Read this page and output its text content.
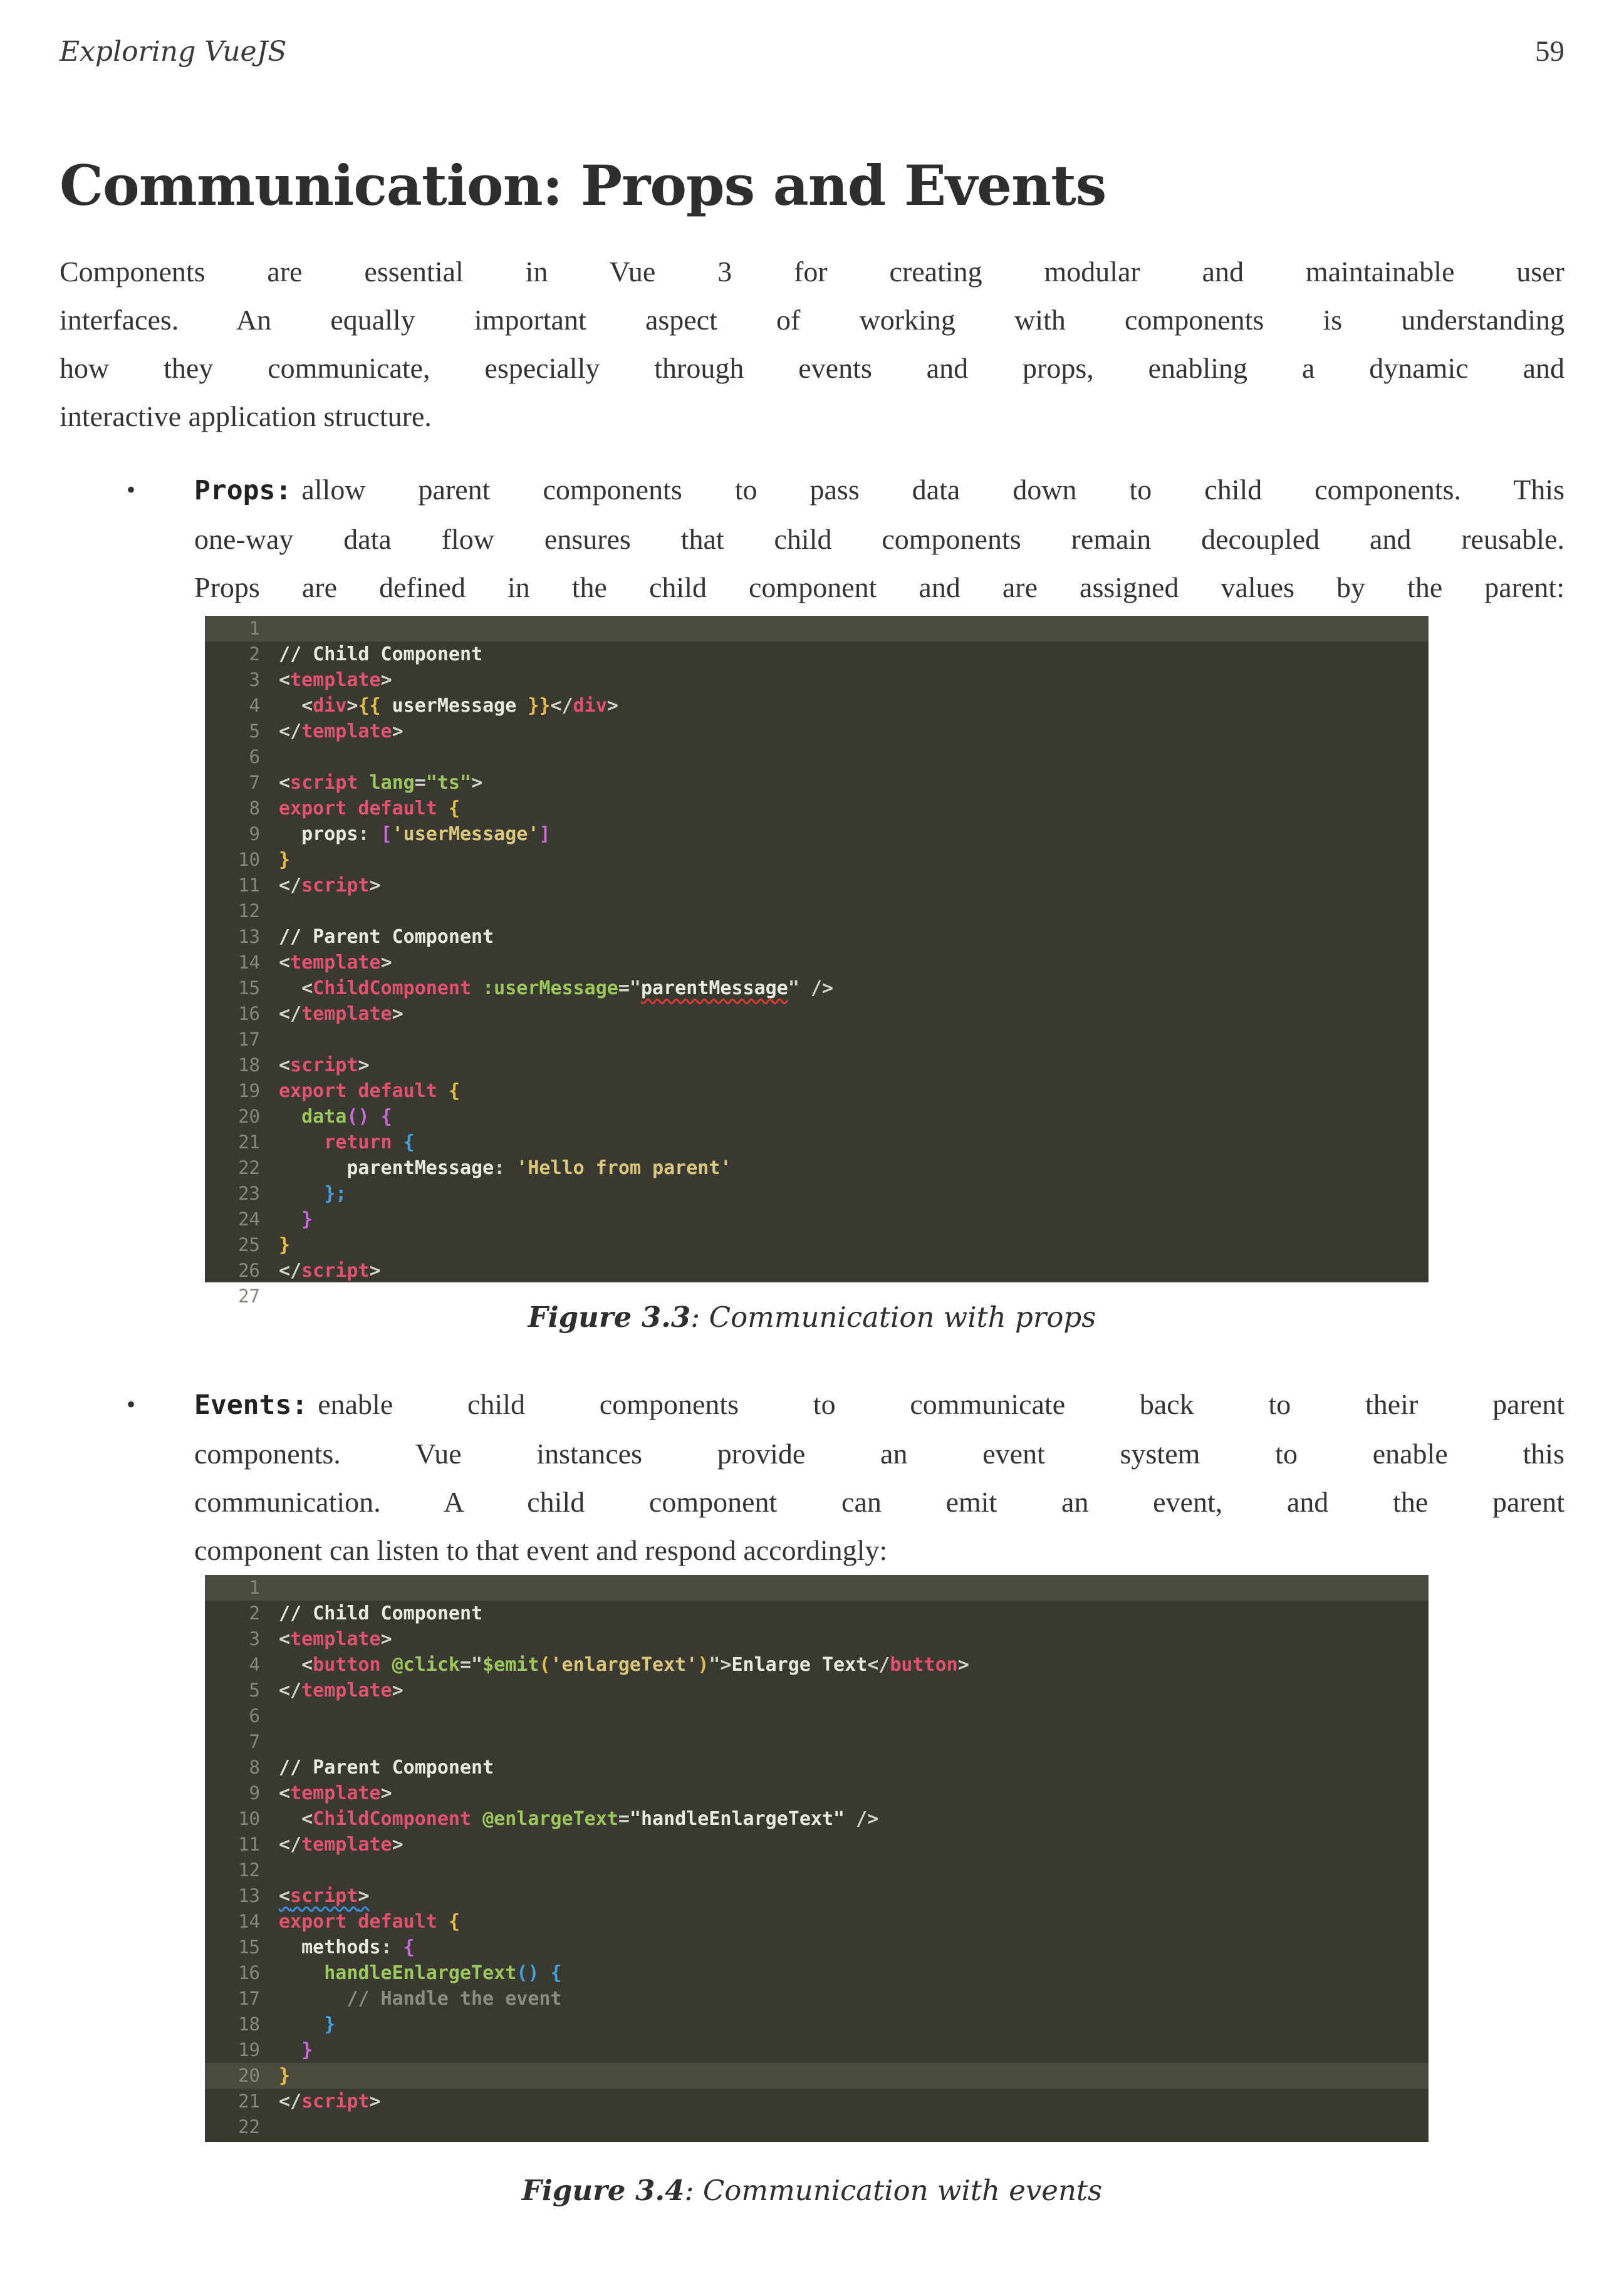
Exploring VueJS	59
Communication: Props and Events
Components are essential in Vue 3 for creating modular and maintainable user
interfaces. An equally important aspect of working with components is understanding
how they communicate, especially through events and props, enabling a dynamic and
interactive application structure.
• Props: allow parent components to pass data down to child components. This
one-way data flow ensures that child components remain decoupled and reusable.
Props are defined in the child component and are assigned values by the parent:
1
2 // Child Component
3 <template>
4	<div>{{ userMessage }}</div>
5 </template>
6
7 <script lang="ts">
8 export default {
9 props: ['userMessage']
10 }
11 </script>
12
13 // Parent Component
14 <template>
15	<ChildComponent :userMessage="parentMessage" />
16 </template>
17
18 <script>
19 export default {
20	data() {
21	return {
22 parentMessage: 'Hello from parent'
23	};
24	}
25 }
26 </script>
27
Figure 3.3: Communication with props
• Events: enable child components to communicate back to their parent
components. Vue instances provide an event system to enable this
communication. A child component can emit an event, and the parent
component can listen to that event and respond accordingly:
1
2 // Child Component
3 <template>
4	<button @click="$emit('enlargeText')">Enlarge Text</button>
5 </template>
6
7
8 // Parent Component
9 <template>
10	<ChildComponent @enlargeText="handleEnlargeText" />
11 </template>
12
13 <script>
14 export default {
15 methods: {
16	handleEnlargeText() {
17 // Handle the event
18	}
19	}
20 }
21 </script>
22
Figure 3.4: Communication with events
